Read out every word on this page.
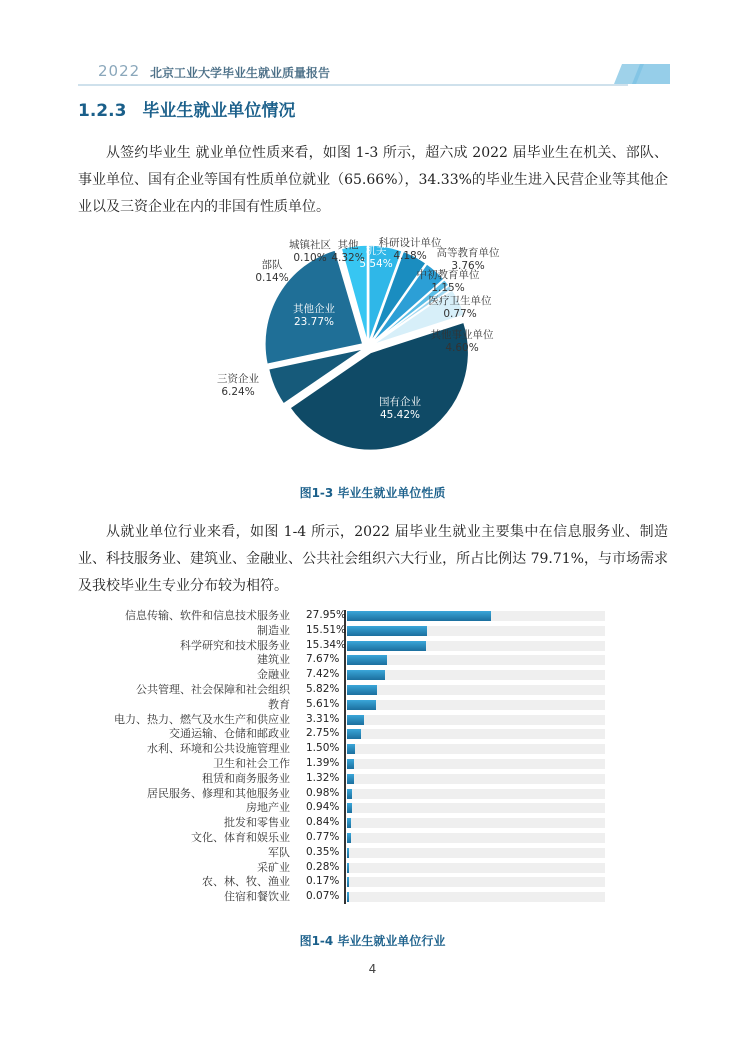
2022 北京工业大学毕业生就业质量报告
1.2.3 毕业生就业单位情况
从签约毕业生 就业单位性质来看，如图 1-3 所示，超六成 2022 届毕业生在机关、部队、事业单位、国有企业等国有性质单位就业（65.66%），34.33%的毕业生进入民营企业等其他企业以及三资企业在内的非国有性质单位。
机关
5.54%
科研设计单位
4.18% 高等教育单位
3.76%
中初教育单位
1.15%
医疗卫生单位
0.77%
其他事业单位
4.60%
国有企业
45.42%
三资企业
6.24%
其他企业
23.77%
部队
0.14%
城镇社区
0.10%
其他
4.32%
图1-3 毕业生就业单位性质
从就业单位行业来看，如图 1-4 所示，2022 届毕业生就业主要集中在信息服务业、制造业、科技服务业、建筑业、金融业、公共社会组织六大行业，所占比例达 79.71%，与市场需求及我校毕业生专业分布较为相符。
信息传输、软件和信息技术服务业 27.95%
制造业 15.51%
科学研究和技术服务业 15.34%
建筑业 7.67%
金融业 7.42%
公共管理、社会保障和社会组织 5.82%
教育 5.61%
电力、热力、燃气及水生产和供应业 3.31%
交通运输、仓储和邮政业 2.75%
水利、环境和公共设施管理业 1.50%
卫生和社会工作 1.39%
租赁和商务服务业 1.32%
居民服务、修理和其他服务业 0.98%
房地产业 0.94%
批发和零售业 0.84%
文化、体育和娱乐业 0.77%
军队 0.35%
采矿业 0.28%
农、林、牧、渔业 0.17%
住宿和餐饮业 0.07%
图1-4 毕业生就业单位行业
4
